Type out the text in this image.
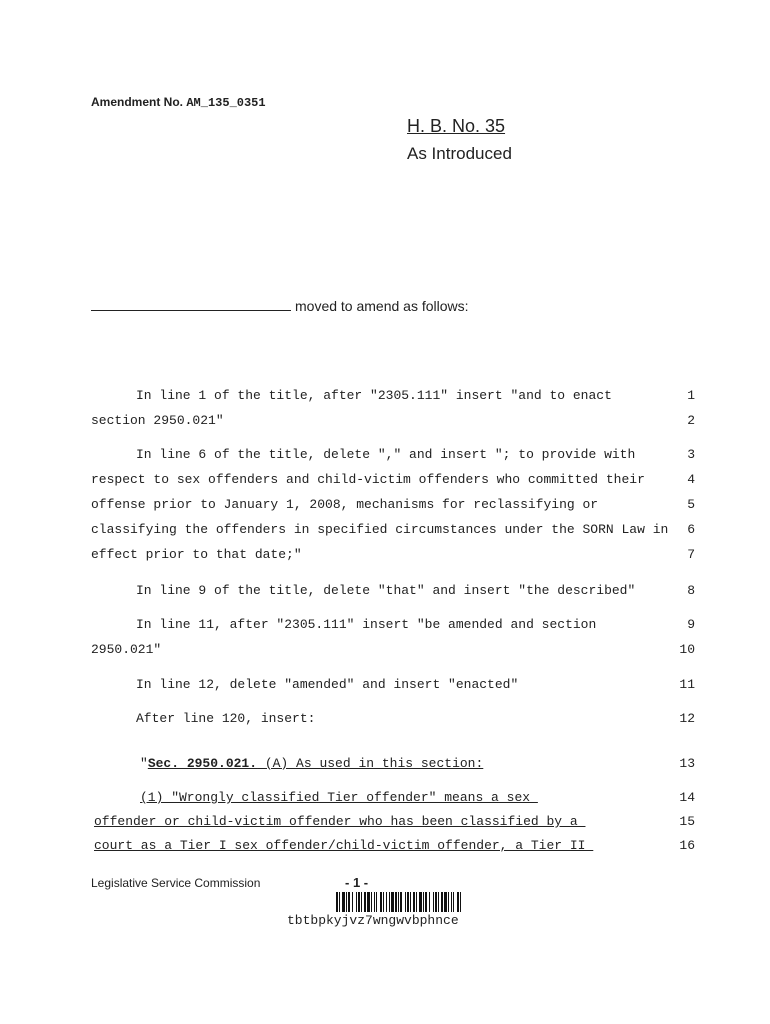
Amendment No. AM_135_0351
H. B. No. 35
As Introduced
moved to amend as follows:
In line 1 of the title, after "2305.111" insert "and to enact	1
section 2950.021"	2
In line 6 of the title, delete "," and insert "; to provide with	3
respect to sex offenders and child-victim offenders who committed their	4
offense prior to January 1, 2008, mechanisms for reclassifying or	5
classifying the offenders in specified circumstances under the SORN Law in	6
effect prior to that date;"	7
In line 9 of the title, delete "that" and insert "the described"	8
In line 11, after "2305.111" insert "be amended and section	9
2950.021"	10
In line 12, delete "amended" and insert "enacted"	11
After line 120, insert:	12
"Sec. 2950.021. (A) As used in this section:	13
(1) "Wrongly classified Tier offender" means a sex	14
offender or child-victim offender who has been classified by a	15
court as a Tier I sex offender/child-victim offender, a Tier II	16
Legislative Service Commission	- 1 -
tbtbpkyjvz7wngwvbphnce
